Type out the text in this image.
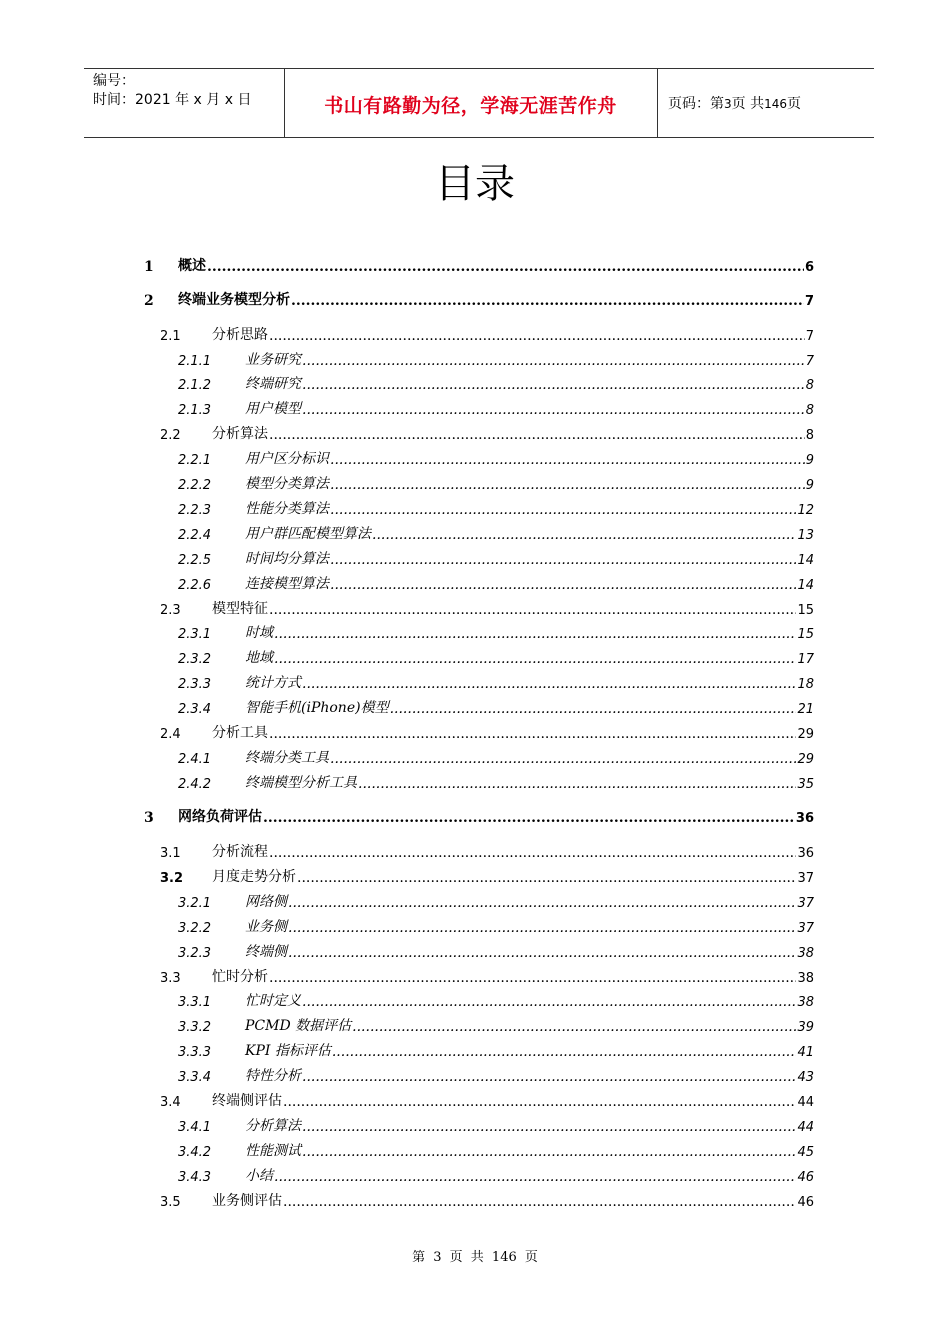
编号：
时间：2021 年 x 月 x 日	书山有路勤为径，学海无涯苦作舟	页码：第3页 共146页
目录
1	概述 .....	6
2	终端业务模型分析 .....	7
2.1	分析思路 .....	7
2.1.1	业务研究 .....	7
2.1.2	终端研究 .....	8
2.1.3	用户模型 .....	8
2.2	分析算法 .....	8
2.2.1	用户区分标识 .....	9
2.2.2	模型分类算法 .....	9
2.2.3	性能分类算法 .....	12
2.2.4	用户群匹配模型算法 .....	13
2.2.5	时间均分算法 .....	14
2.2.6	连接模型算法 .....	14
2.3	模型特征 .....	15
2.3.1	时域 .....	15
2.3.2	地域 .....	17
2.3.3	统计方式 .....	18
2.3.4	智能手机(iPhone)模型 .....	21
2.4	分析工具 .....	29
2.4.1	终端分类工具 .....	29
2.4.2	终端模型分析工具 .....	35
3	网络负荷评估 .....	36
3.1	分析流程 .....	36
3.2	月度走势分析 .....	37
3.2.1	网络侧 .....	37
3.2.2	业务侧 .....	37
3.2.3	终端侧 .....	38
3.3	忙时分析 .....	38
3.3.1	忙时定义 .....	38
3.3.2	PCMD 数据评估 .....	39
3.3.3	KPI 指标评估 .....	41
3.3.4	特性分析 .....	43
3.4	终端侧评估 .....	44
3.4.1	分析算法 .....	44
3.4.2	性能测试 .....	45
3.4.3	小结 .....	46
3.5	业务侧评估 .....	46
第 3 页 共 146 页
